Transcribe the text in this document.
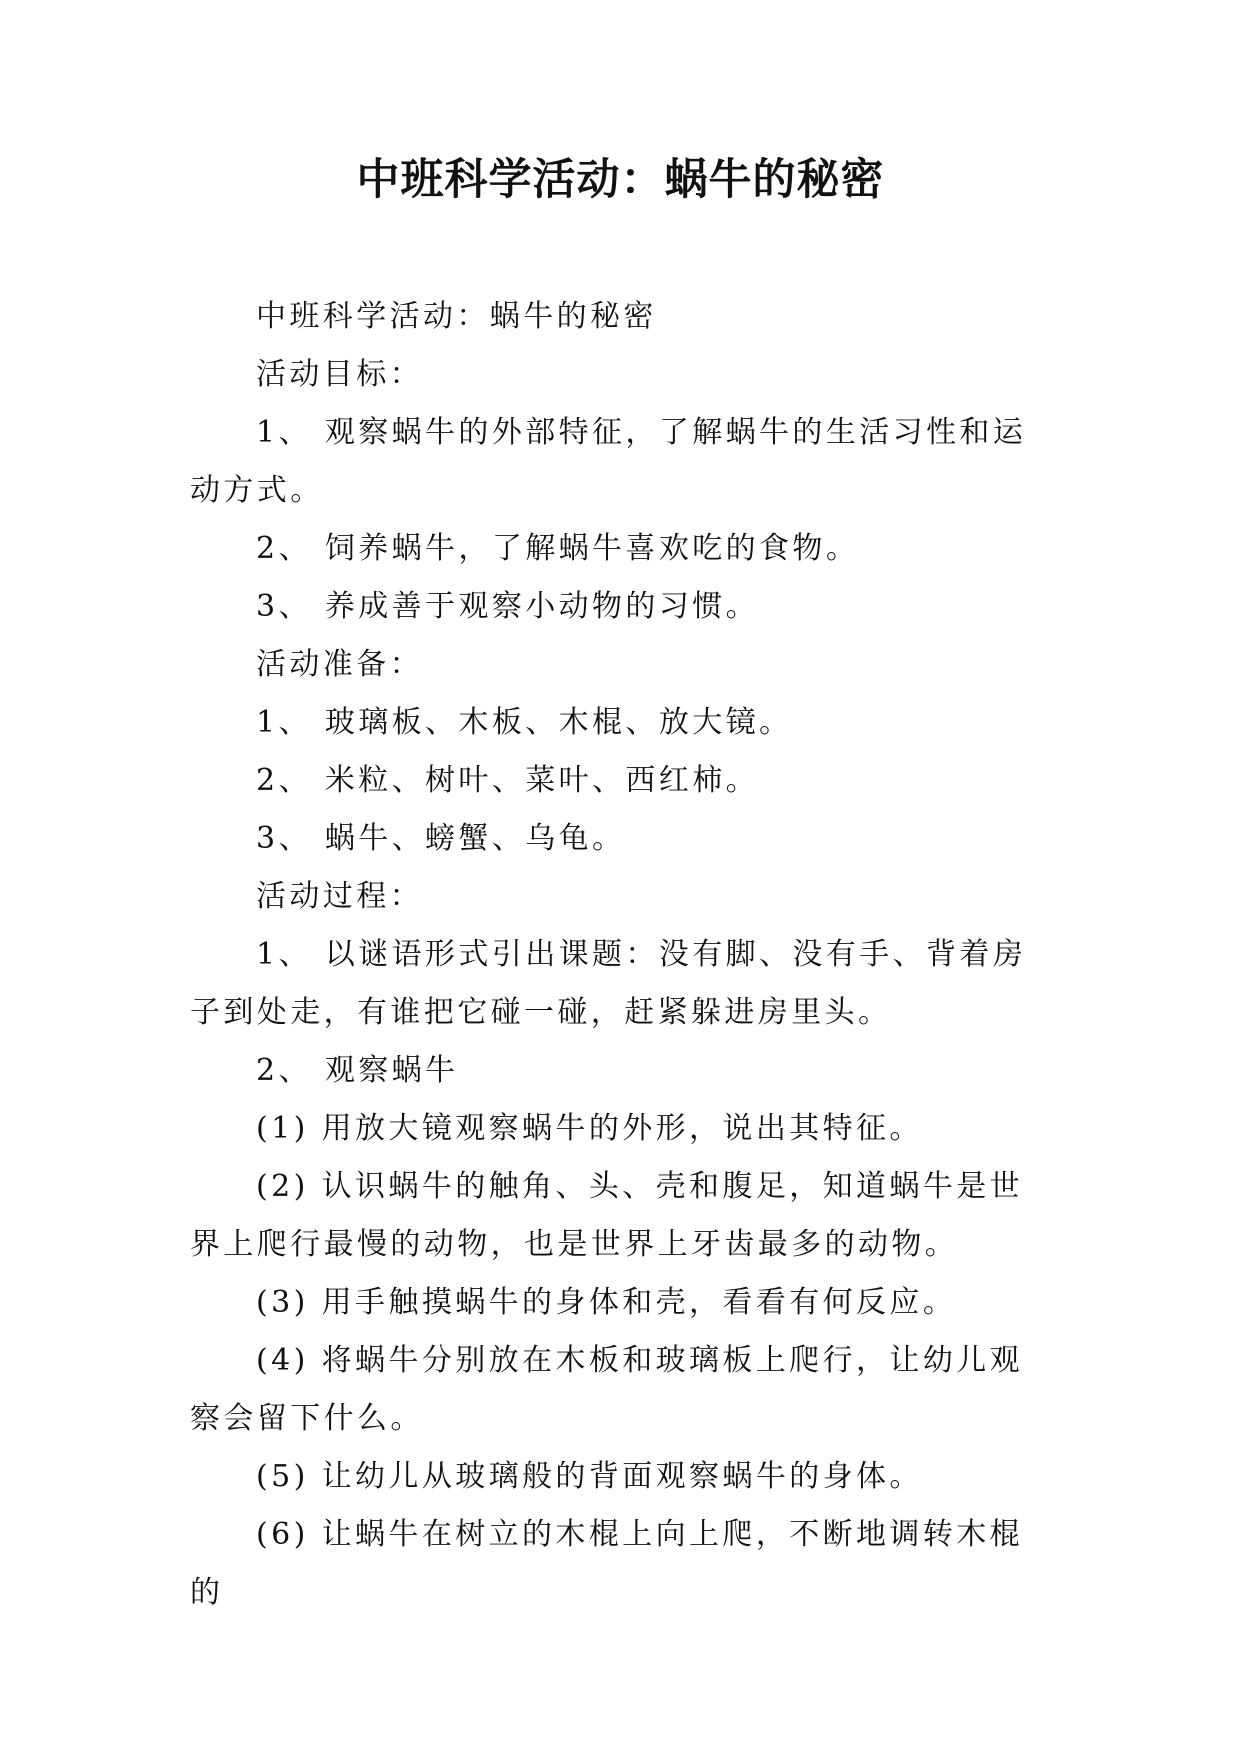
中班科学活动：蜗牛的秘密

中班科学活动：蜗牛的秘密

活动目标：

1、 观察蜗牛的外部特征，了解蜗牛的生活习性和运动方式。

2、 饲养蜗牛，了解蜗牛喜欢吃的食物。

3、 养成善于观察小动物的习惯。

活动准备：

1、 玻璃板、木板、木棍、放大镜。

2、 米粒、树叶、菜叶、西红柿。

3、 蜗牛、螃蟹、乌龟。

活动过程：

1、 以谜语形式引出课题：没有脚、没有手、背着房子到处走，有谁把它碰一碰，赶紧躲进房里头。

2、 观察蜗牛

(1) 用放大镜观察蜗牛的外形，说出其特征。

(2) 认识蜗牛的触角、头、壳和腹足，知道蜗牛是世界上爬行最慢的动物，也是世界上牙齿最多的动物。

(3) 用手触摸蜗牛的身体和壳，看看有何反应。

(4) 将蜗牛分别放在木板和玻璃板上爬行，让幼儿观察会留下什么。

(5) 让幼儿从玻璃般的背面观察蜗牛的身体。

(6) 让蜗牛在树立的木棍上向上爬，不断地调转木棍的
